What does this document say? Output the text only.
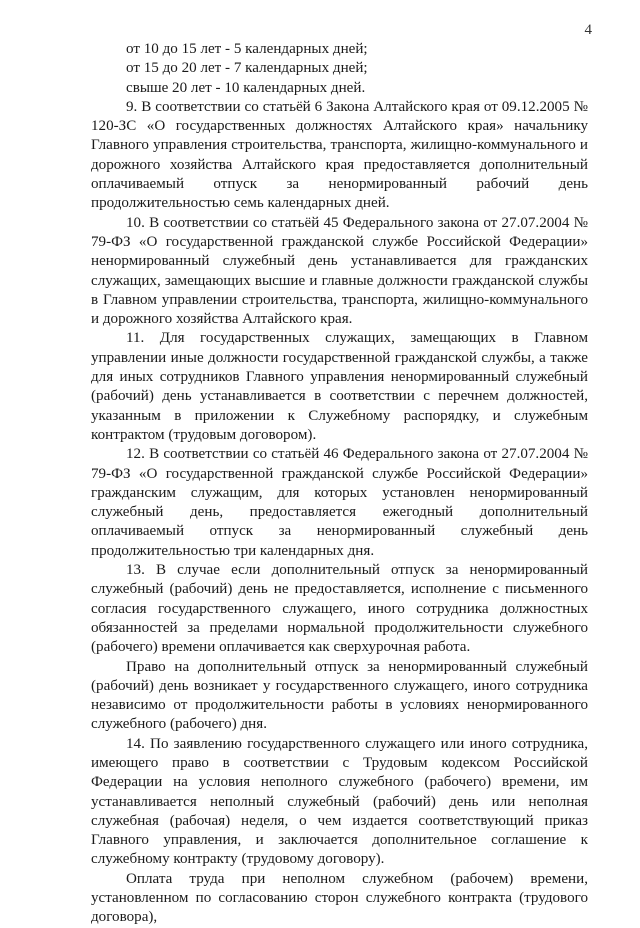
4
от 10 до 15 лет - 5 календарных дней;
от 15 до 20 лет - 7 календарных дней;
свыше 20 лет - 10 календарных дней.

9. В соответствии со статьёй 6 Закона Алтайского края от 09.12.2005 № 120-ЗС «О государственных должностях Алтайского края» начальнику Главного управления строительства, транспорта, жилищно-коммунального и дорожного хозяйства Алтайского края предоставляется дополнительный оплачиваемый отпуск за ненормированный рабочий день продолжительностью семь календарных дней.

10. В соответствии со статьёй 45 Федерального закона от 27.07.2004 № 79-ФЗ «О государственной гражданской службе Российской Федерации» ненормированный служебный день устанавливается для гражданских служащих, замещающих высшие и главные должности гражданской службы в Главном управлении строительства, транспорта, жилищно-коммунального и дорожного хозяйства Алтайского края.

11. Для государственных служащих, замещающих в Главном управлении иные должности государственной гражданской службы, а также для иных сотрудников Главного управления ненормированный служебный (рабочий) день устанавливается в соответствии с перечнем должностей, указанным в приложении к Служебному распорядку, и служебным контрактом (трудовым договором).

12. В соответствии со статьёй 46 Федерального закона от 27.07.2004 № 79-ФЗ «О государственной гражданской службе Российской Федерации» гражданским служащим, для которых установлен ненормированный служебный день, предоставляется ежегодный дополнительный оплачиваемый отпуск за ненормированный служебный день продолжительностью три календарных дня.

13. В случае если дополнительный отпуск за ненормированный служебный (рабочий) день не предоставляется, исполнение с письменного согласия государственного служащего, иного сотрудника должностных обязанностей за пределами нормальной продолжительности служебного (рабочего) времени оплачивается как сверхурочная работа.

Право на дополнительный отпуск за ненормированный служебный (рабочий) день возникает у государственного служащего, иного сотрудника независимо от продолжительности работы в условиях ненормированного служебного (рабочего) дня.

14. По заявлению государственного служащего или иного сотрудника, имеющего право в соответствии с Трудовым кодексом Российской Федерации на условия неполного служебного (рабочего) времени, им устанавливается неполный служебный (рабочий) день или неполная служебная (рабочая) неделя, о чем издается соответствующий приказ Главного управления, и заключается дополнительное соглашение к служебному контракту (трудовому договору).

Оплата труда при неполном служебном (рабочем) времени, установленном по согласованию сторон служебного контракта (трудового договора),
